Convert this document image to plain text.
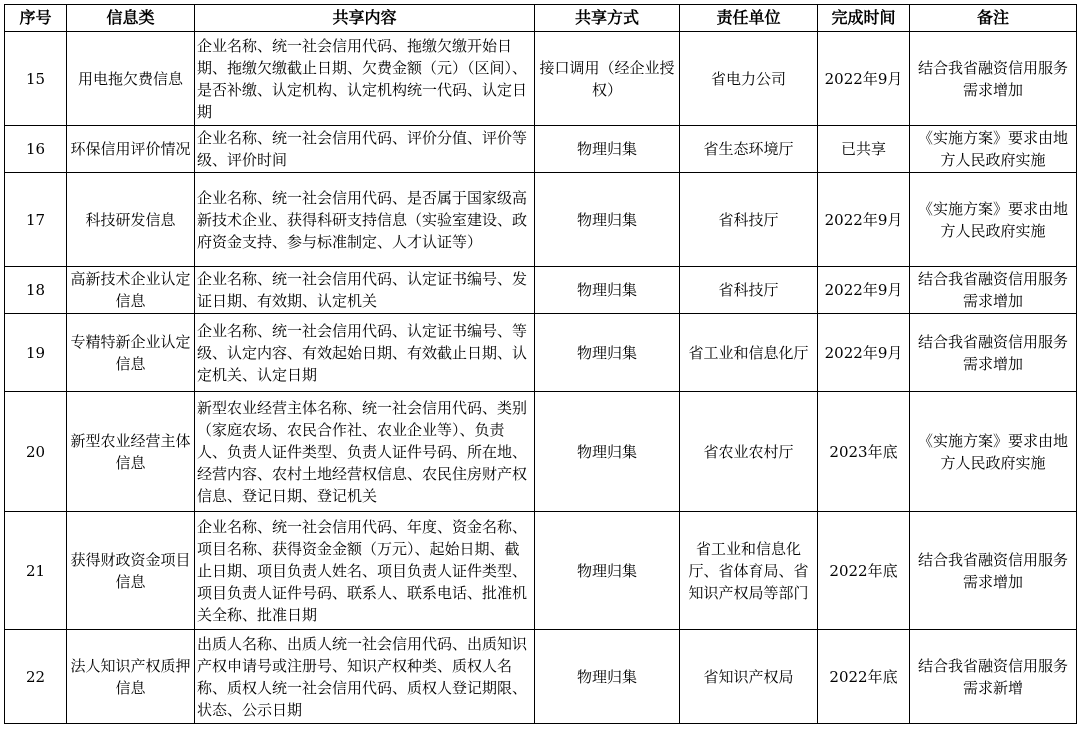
序号	信息类	共享内容	共享方式	责任单位	完成时间	备注
15	用电拖欠费信息	企业名称、统一社会信用代码、拖缴欠缴开始日期、拖缴欠缴截止日期、欠费金额（元）（区间）、是否补缴、认定机构、认定机构统一代码、认定日期	接口调用（经企业授权）	省电力公司	2022年9月	结合我省融资信用服务需求增加
16	环保信用评价情况	企业名称、统一社会信用代码、评价分值、评价等级、评价时间	物理归集	省生态环境厅	已共享	《实施方案》要求由地方人民政府实施
17	科技研发信息	企业名称、统一社会信用代码、是否属于国家级高新技术企业、获得科研支持信息（实验室建设、政府资金支持、参与标准制定、人才认证等）	物理归集	省科技厅	2022年9月	《实施方案》要求由地方人民政府实施
18	高新技术企业认定信息	企业名称、统一社会信用代码、认定证书编号、发证日期、有效期、认定机关	物理归集	省科技厅	2022年9月	结合我省融资信用服务需求增加
19	专精特新企业认定信息	企业名称、统一社会信用代码、认定证书编号、等级、认定内容、有效起始日期、有效截止日期、认定机关、认定日期	物理归集	省工业和信息化厅	2022年9月	结合我省融资信用服务需求增加
20	新型农业经营主体信息	新型农业经营主体名称、统一社会信用代码、类别（家庭农场、农民合作社、农业企业等）、负责人、负责人证件类型、负责人证件号码、所在地、经营内容、农村土地经营权信息、农民住房财产权信息、登记日期、登记机关	物理归集	省农业农村厅	2023年底	《实施方案》要求由地方人民政府实施
21	获得财政资金项目信息	企业名称、统一社会信用代码、年度、资金名称、项目名称、获得资金金额（万元）、起始日期、截止日期、项目负责人姓名、项目负责人证件类型、项目负责人证件号码、联系人、联系电话、批准机关全称、批准日期	物理归集	省工业和信息化厅、省体育局、省知识产权局等部门	2022年底	结合我省融资信用服务需求增加
22	法人知识产权质押信息	出质人名称、出质人统一社会信用代码、出质知识产权申请号或注册号、知识产权种类、质权人名称、质权人统一社会信用代码、质权人登记期限、状态、公示日期	物理归集	省知识产权局	2022年底	结合我省融资信用服务需求新增
